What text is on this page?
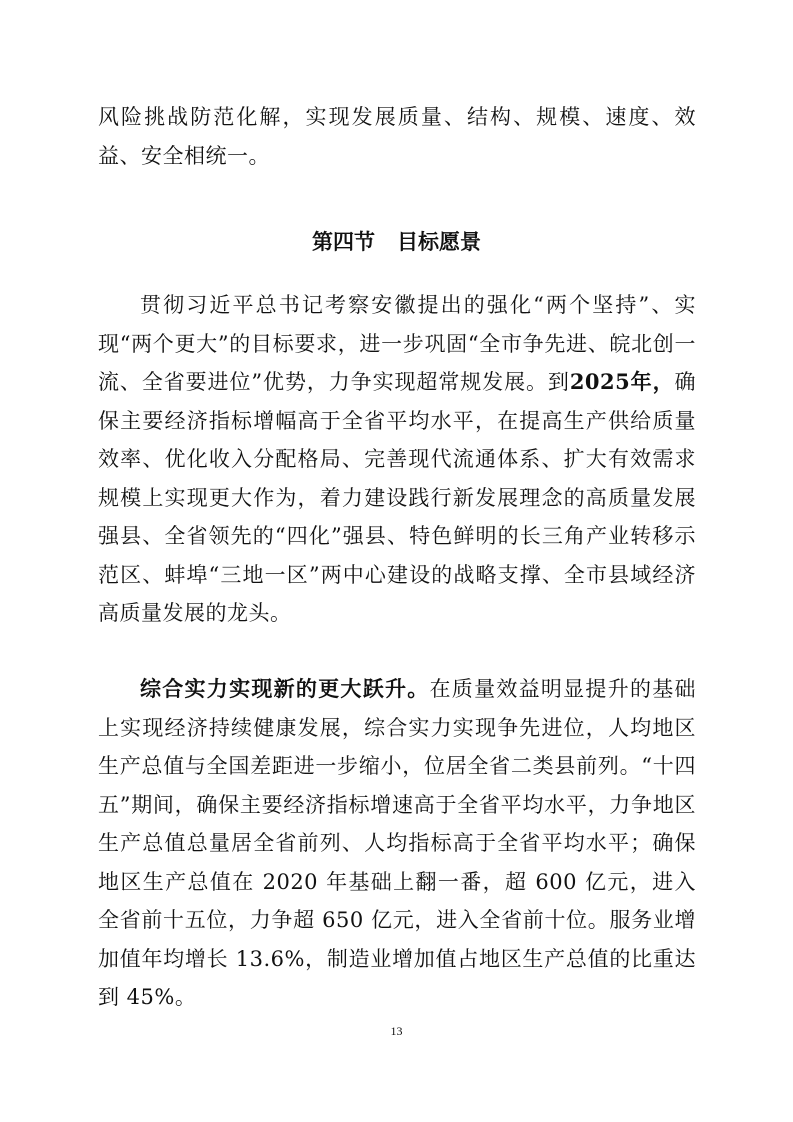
风险挑战防范化解，实现发展质量、结构、规模、速度、效益、安全相统一。

第四节 目标愿景

贯彻习近平总书记考察安徽提出的强化“两个坚持”、实现“两个更大”的目标要求，进一步巩固“全市争先进、皖北创一流、全省要进位”优势，力争实现超常规发展。到2025年，确保主要经济指标增幅高于全省平均水平，在提高生产供给质量效率、优化收入分配格局、完善现代流通体系、扩大有效需求规模上实现更大作为，着力建设践行新发展理念的高质量发展强县、全省领先的“四化”强县、特色鲜明的长三角产业转移示范区、蚌埠“三地一区”两中心建设的战略支撑、全市县域经济高质量发展的龙头。

综合实力实现新的更大跃升。在质量效益明显提升的基础上实现经济持续健康发展，综合实力实现争先进位，人均地区生产总值与全国差距进一步缩小，位居全省二类县前列。“十四五”期间，确保主要经济指标增速高于全省平均水平，力争地区生产总值总量居全省前列、人均指标高于全省平均水平；确保地区生产总值在 2020 年基础上翻一番，超 600 亿元，进入全省前十五位，力争超 650 亿元，进入全省前十位。服务业增加值年均增长 13.6%，制造业增加值占地区生产总值的比重达到 45%。

13
